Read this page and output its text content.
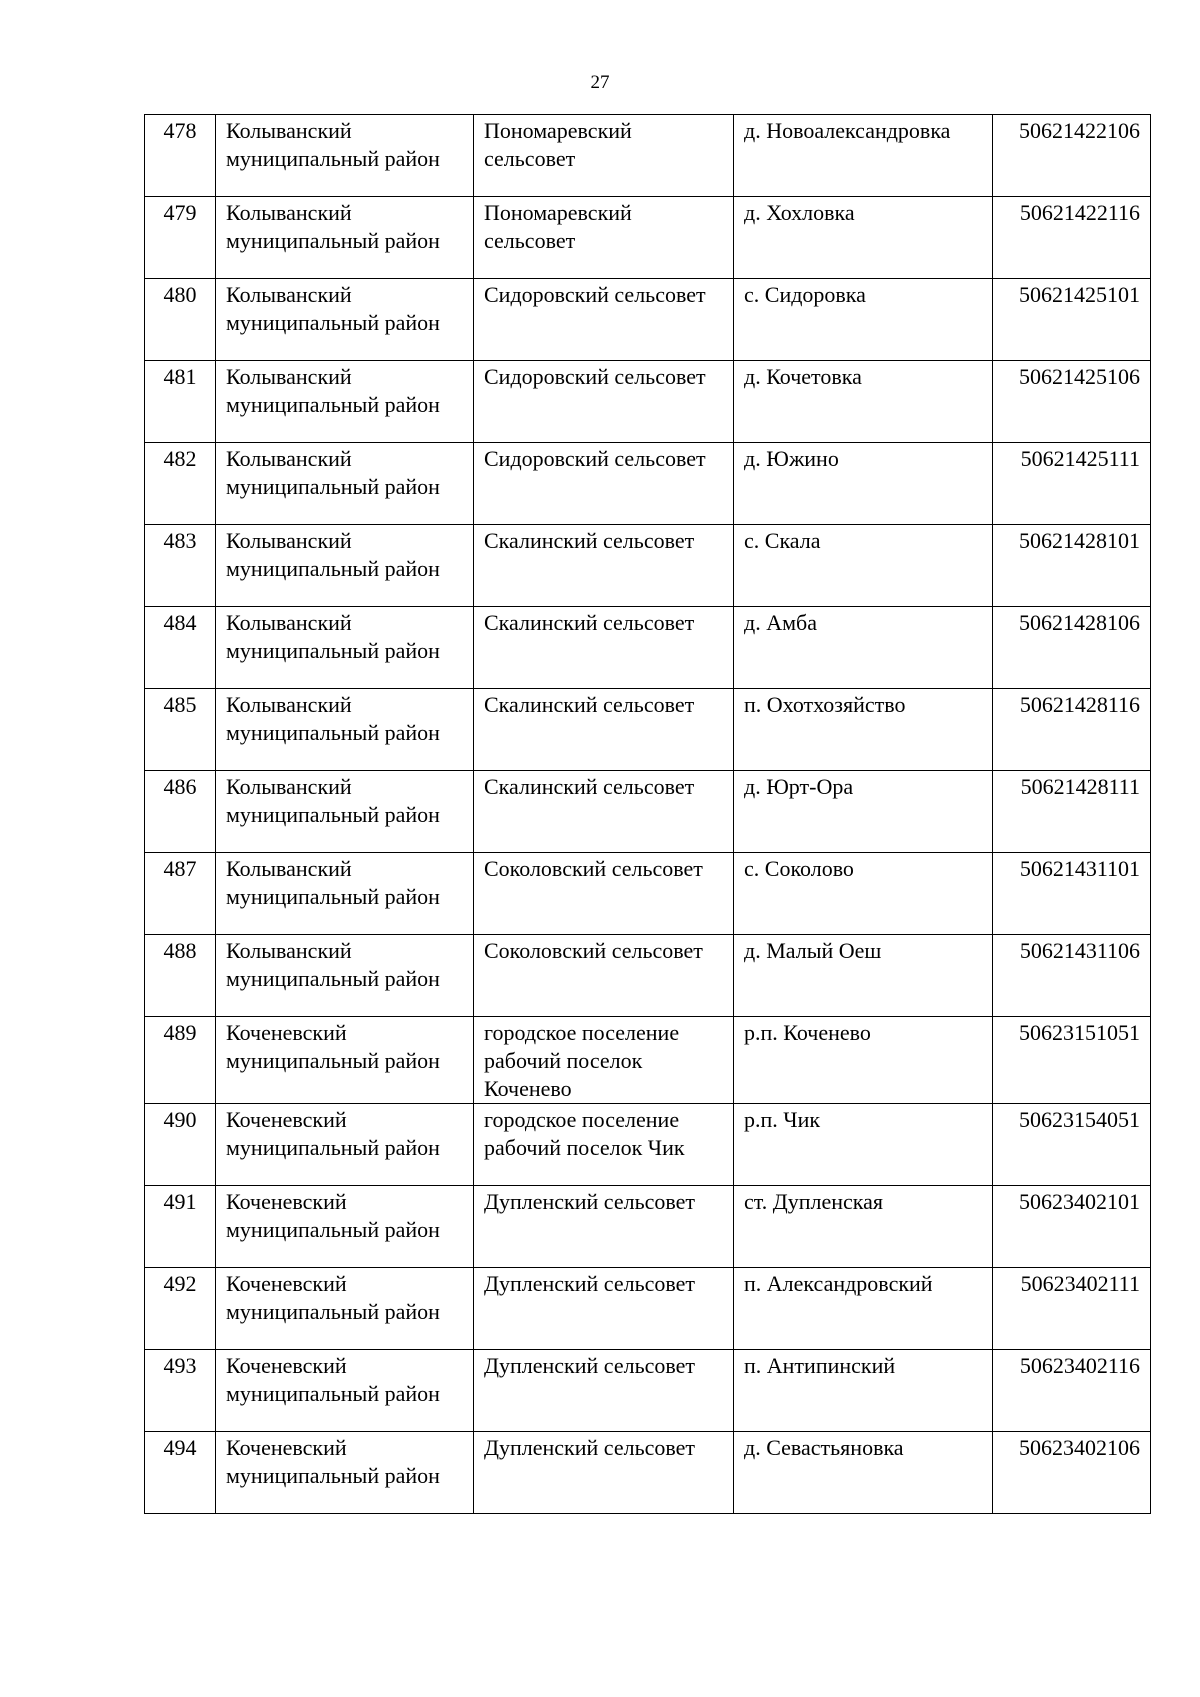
27
478	Колыванский муниципальный район	Пономаревский сельсовет	д. Новоалександровка	50621422106
479	Колыванский муниципальный район	Пономаревский сельсовет	д. Хохловка	50621422116
480	Колыванский муниципальный район	Сидоровский сельсовет	с. Сидоровка	50621425101
481	Колыванский муниципальный район	Сидоровский сельсовет	д. Кочетовка	50621425106
482	Колыванский муниципальный район	Сидоровский сельсовет	д. Южино	50621425111
483	Колыванский муниципальный район	Скалинский сельсовет	с. Скала	50621428101
484	Колыванский муниципальный район	Скалинский сельсовет	д. Амба	50621428106
485	Колыванский муниципальный район	Скалинский сельсовет	п. Охотхозяйство	50621428116
486	Колыванский муниципальный район	Скалинский сельсовет	д. Юрт-Ора	50621428111
487	Колыванский муниципальный район	Соколовский сельсовет	с. Соколово	50621431101
488	Колыванский муниципальный район	Соколовский сельсовет	д. Малый Оеш	50621431106
489	Коченевский муниципальный район	городское поселение рабочий поселок Коченево	р.п. Коченево	50623151051
490	Коченевский муниципальный район	городское поселение рабочий поселок Чик	р.п. Чик	50623154051
491	Коченевский муниципальный район	Дупленский сельсовет	ст. Дупленская	50623402101
492	Коченевский муниципальный район	Дупленский сельсовет	п. Александровский	50623402111
493	Коченевский муниципальный район	Дупленский сельсовет	п. Антипинский	50623402116
494	Коченевский муниципальный район	Дупленский сельсовет	д. Севастьяновка	50623402106
